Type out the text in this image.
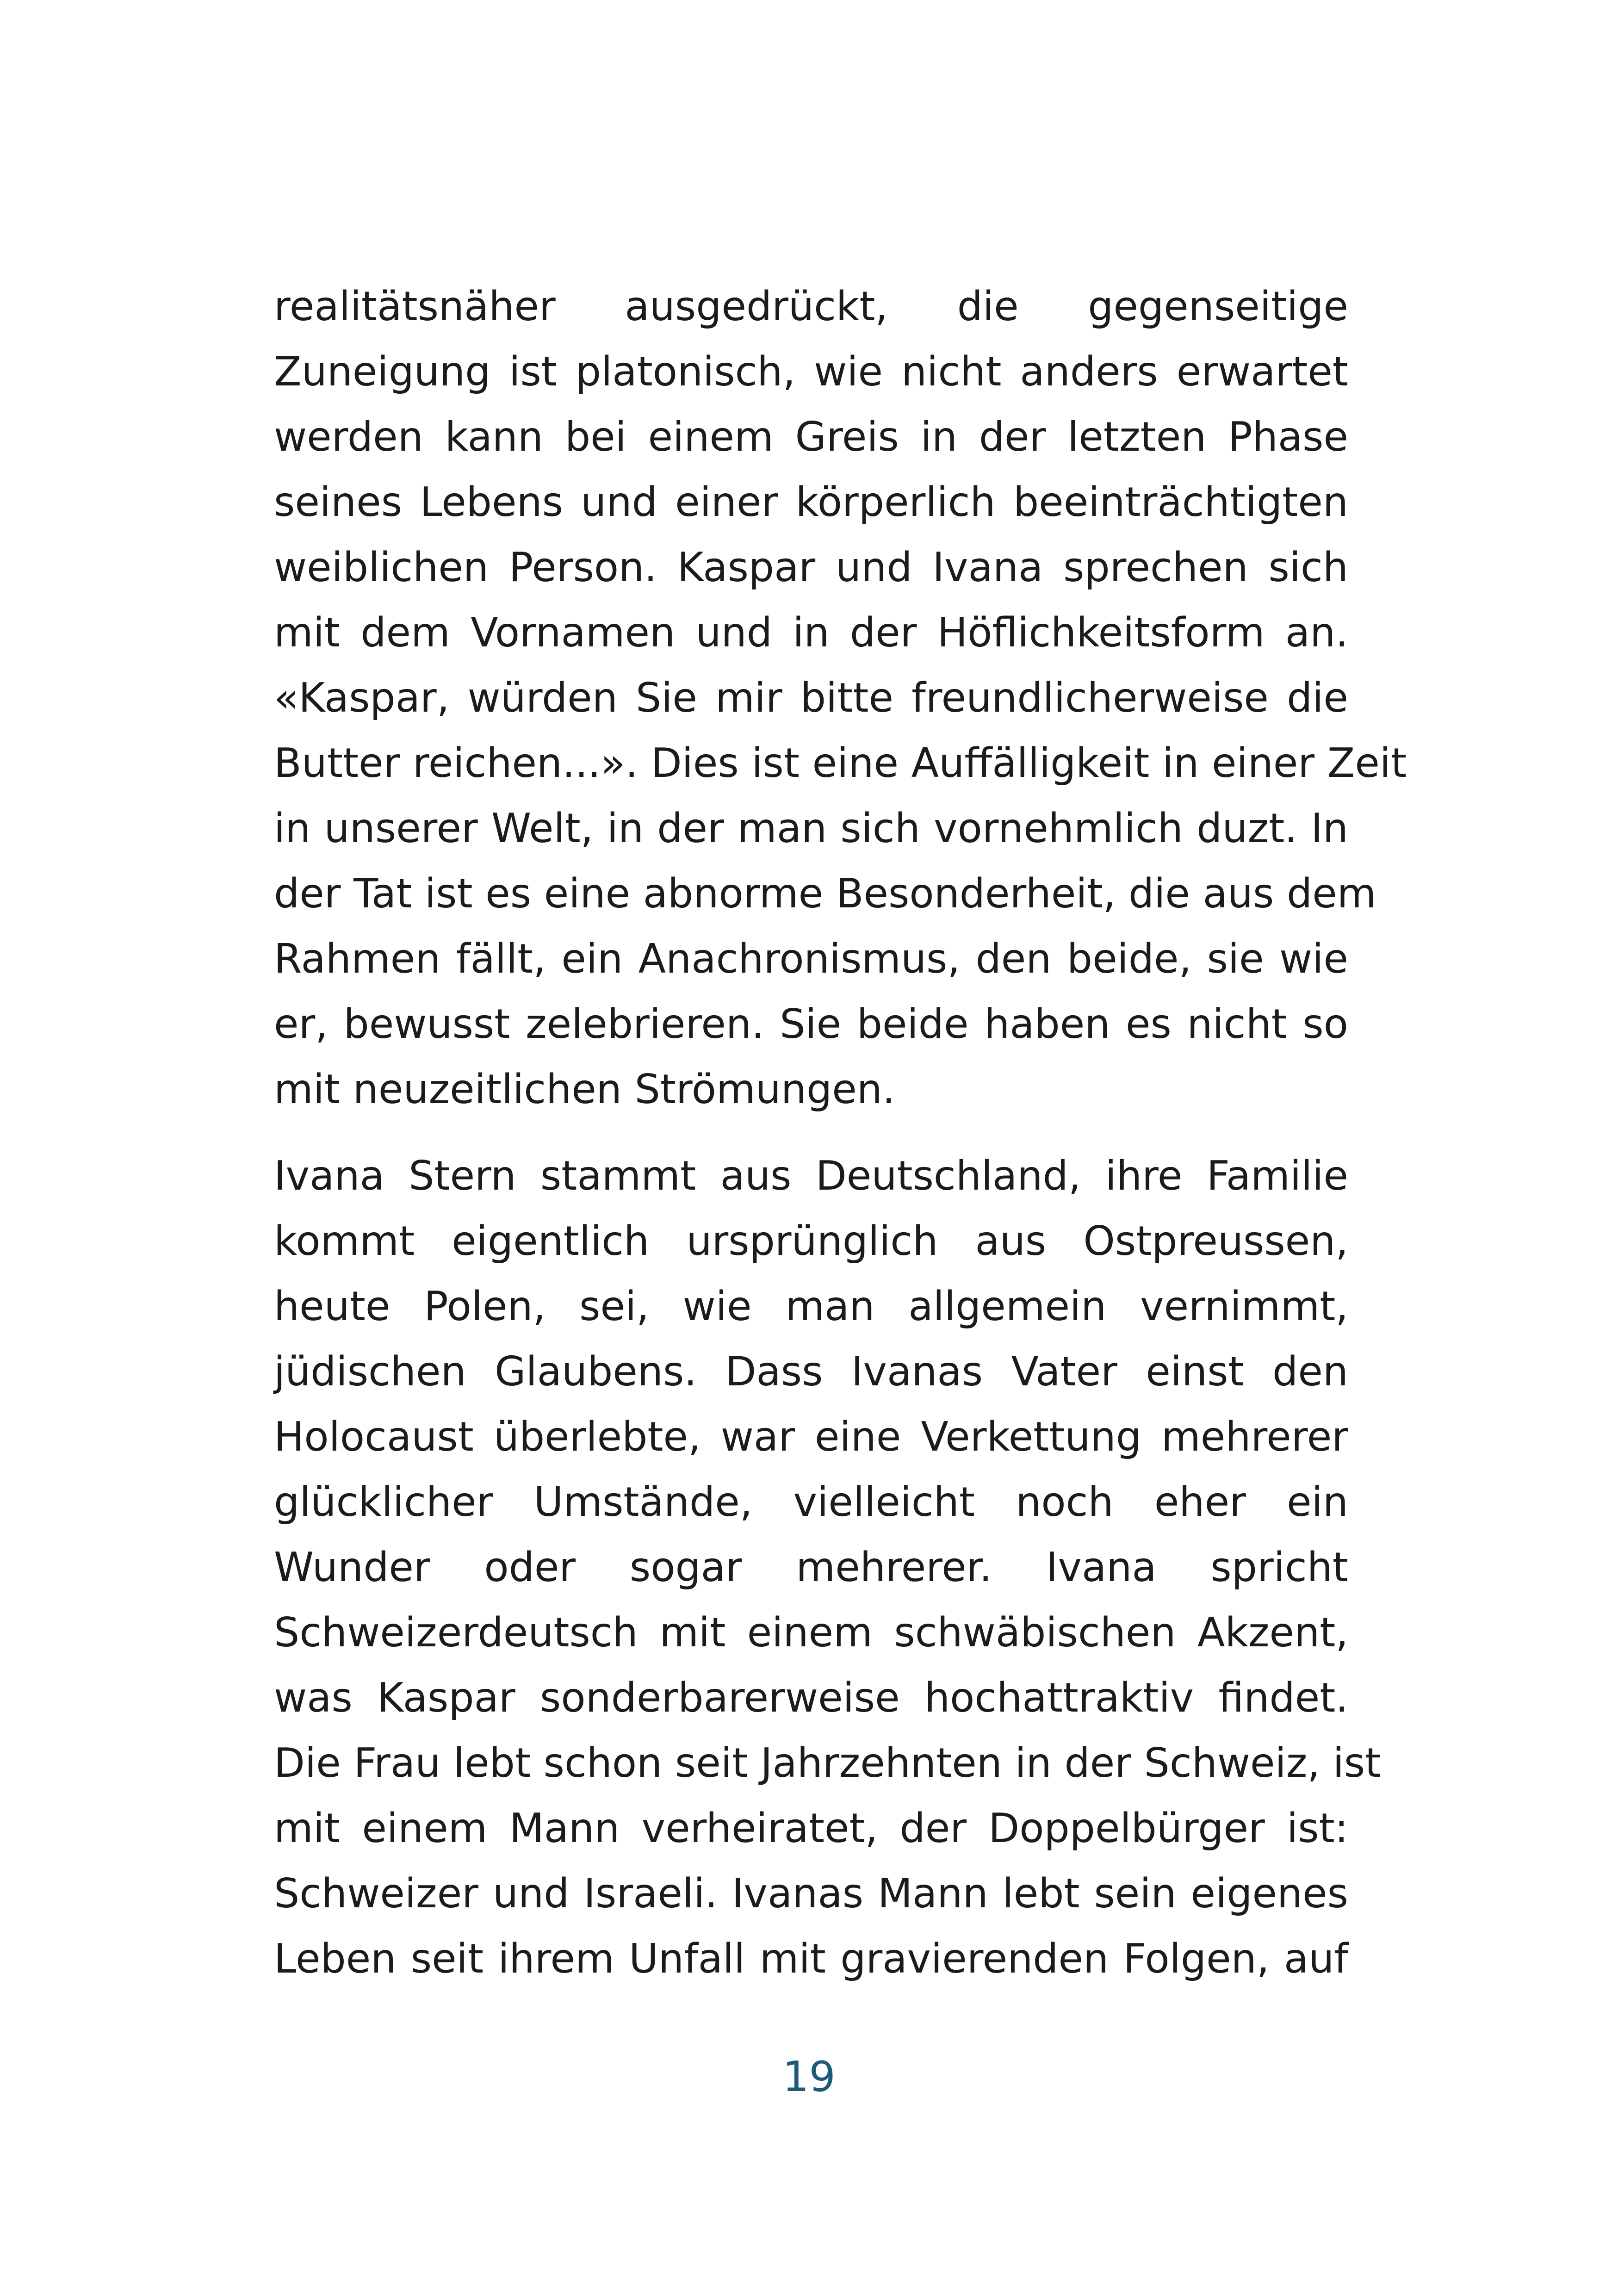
realitätsnäher ausgedrückt, die gegenseitige
Zuneigung ist platonisch, wie nicht anders erwartet
werden kann bei einem Greis in der letzten Phase
seines Lebens und einer körperlich beeinträchtigten
weiblichen Person. Kaspar und Ivana sprechen sich
mit dem Vornamen und in der Höflichkeitsform an.
«Kaspar, würden Sie mir bitte freundlicherweise die
Butter reichen...». Dies ist eine Auffälligkeit in einer Zeit
in unserer Welt, in der man sich vornehmlich duzt. In
der Tat ist es eine abnorme Besonderheit, die aus dem
Rahmen fällt, ein Anachronismus, den beide, sie wie
er, bewusst zelebrieren. Sie beide haben es nicht so
mit neuzeitlichen Strömungen.
Ivana Stern stammt aus Deutschland, ihre Familie
kommt eigentlich ursprünglich aus Ostpreussen,
heute Polen, sei, wie man allgemein vernimmt,
jüdischen Glaubens. Dass Ivanas Vater einst den
Holocaust überlebte, war eine Verkettung mehrerer
glücklicher Umstände, vielleicht noch eher ein
Wunder oder sogar mehrerer. Ivana spricht
Schweizerdeutsch mit einem schwäbischen Akzent,
was Kaspar sonderbarerweise hochattraktiv findet.
Die Frau lebt schon seit Jahrzehnten in der Schweiz, ist
mit einem Mann verheiratet, der Doppelbürger ist:
Schweizer und Israeli. Ivanas Mann lebt sein eigenes
Leben seit ihrem Unfall mit gravierenden Folgen, auf
19
